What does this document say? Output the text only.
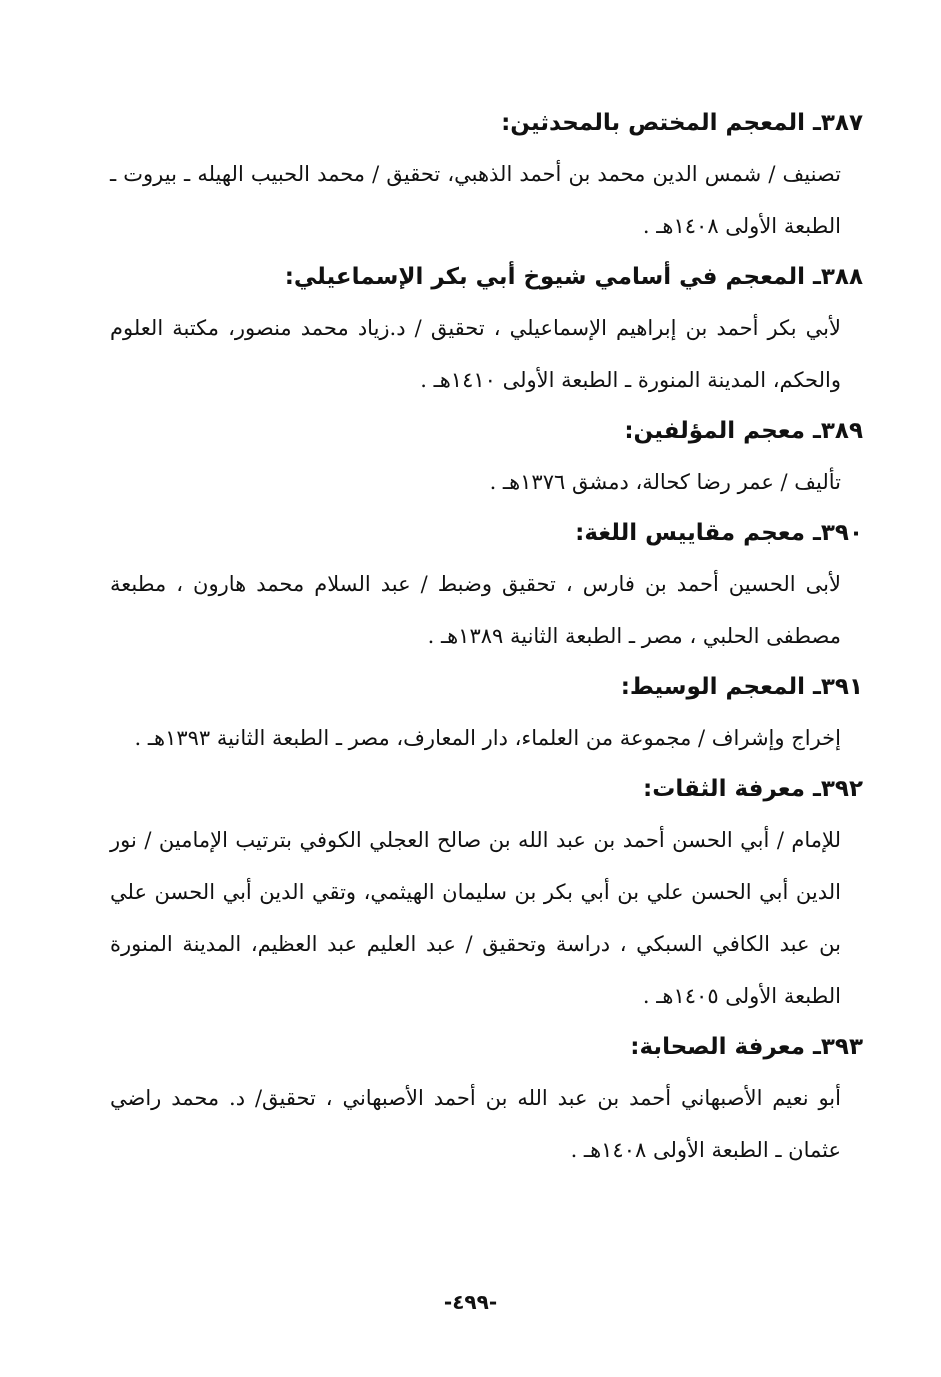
٣٨٧ـ المعجم المختص بالمحدثين:
تصنيف / شمس الدين محمد بن أحمد الذهبي، تحقيق / محمد الحبيب الهيله ـ بيروت ـ الطبعة الأولى ١٤٠٨هـ .
٣٨٨ـ المعجم في أسامي شيوخ أبي بكر الإسماعيلي:
لأبي بكر أحمد بن إبراهيم الإسماعيلي ، تحقيق / د.زياد محمد منصور، مكتبة العلوم والحكم، المدينة المنورة ـ الطبعة الأولى ١٤١٠هـ .
٣٨٩ـ معجم المؤلفين:
تأليف / عمر رضا كحالة، دمشق ١٣٧٦هـ .
٣٩٠ـ معجم مقاييس اللغة:
لأبى الحسين أحمد بن فارس ، تحقيق وضبط / عبد السلام محمد هارون ، مطبعة مصطفى الحلبي ، مصر ـ الطبعة الثانية ١٣٨٩هـ .
٣٩١ـ المعجم الوسيط:
إخراج وإشراف / مجموعة من العلماء، دار المعارف، مصر ـ الطبعة الثانية ١٣٩٣هـ .
٣٩٢ـ معرفة الثقات:
للإمام / أبي الحسن أحمد بن عبد الله بن صالح العجلي الكوفي بترتيب الإمامين / نور الدين أبي الحسن علي بن أبي بكر بن سليمان الهيثمي، وتقي الدين أبي الحسن علي بن عبد الكافي السبكي ، دراسة وتحقيق / عبد العليم عبد العظيم، المدينة المنورة الطبعة الأولى ١٤٠٥هـ .
٣٩٣ـ معرفة الصحابة:
أبو نعيم الأصبهاني أحمد بن عبد الله بن أحمد الأصبهاني ، تحقيق/ د. محمد راضي عثمان ـ الطبعة الأولى ١٤٠٨هـ .
-٤٩٩-
